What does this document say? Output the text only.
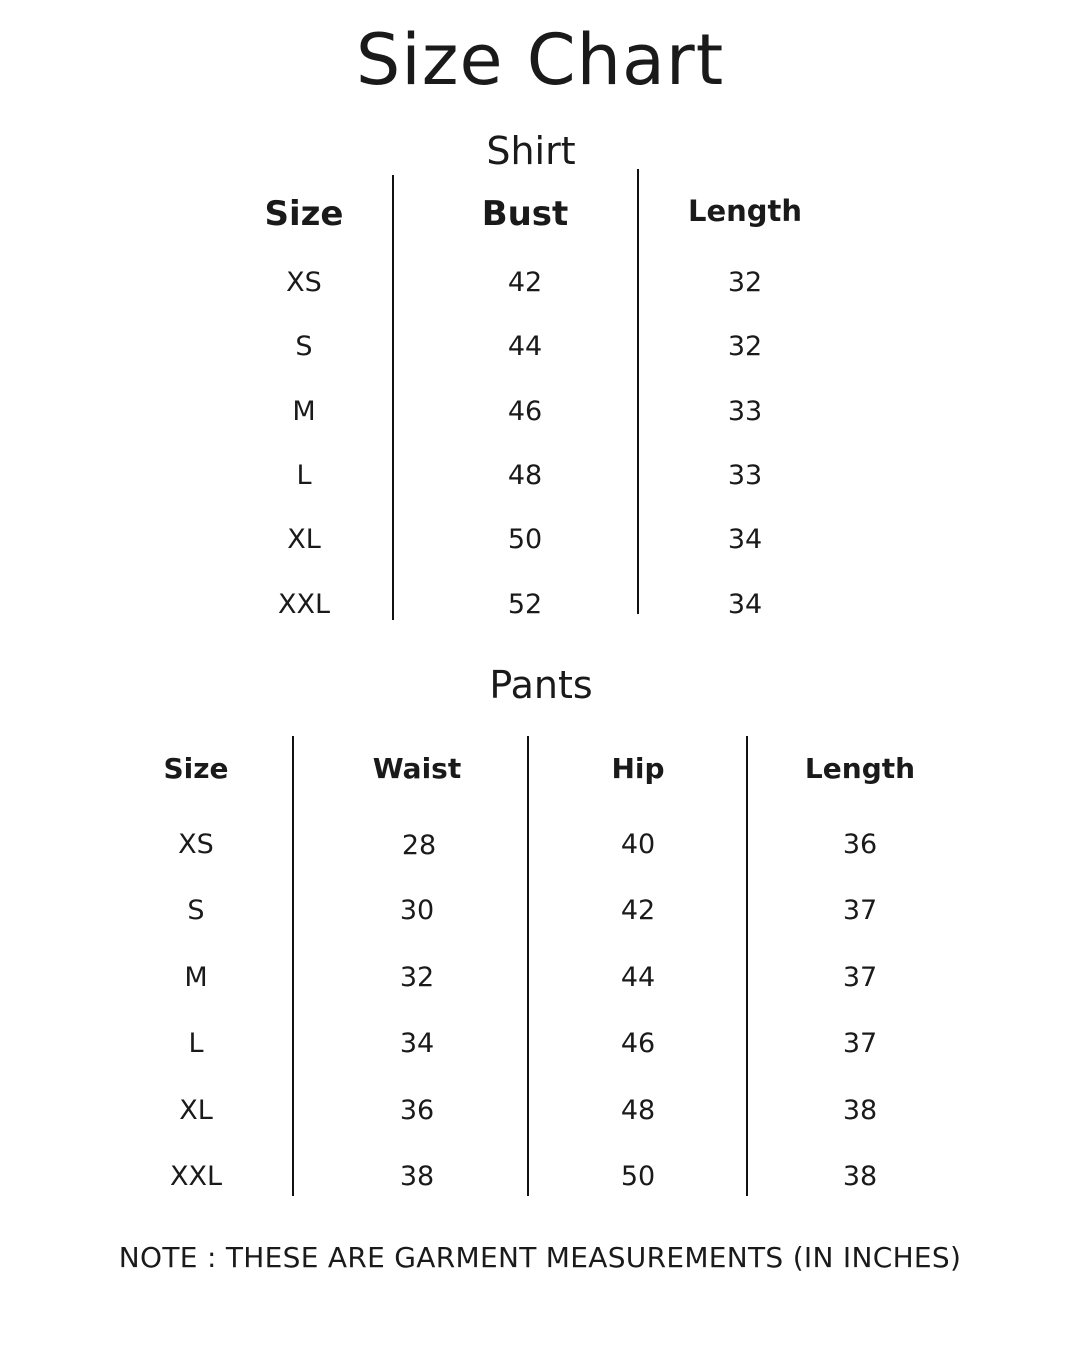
Size Chart
Shirt
Size	Bust	Length
XS	42	32
S	44	32
M	46	33
L	48	33
XL	50	34
XXL	52	34
Pants
Size	Waist	Hip	Length
XS	28	40	36
S	30	42	37
M	32	44	37
L	34	46	37
XL	36	48	38
XXL	38	50	38
NOTE : THESE ARE GARMENT MEASUREMENTS (IN INCHES)
